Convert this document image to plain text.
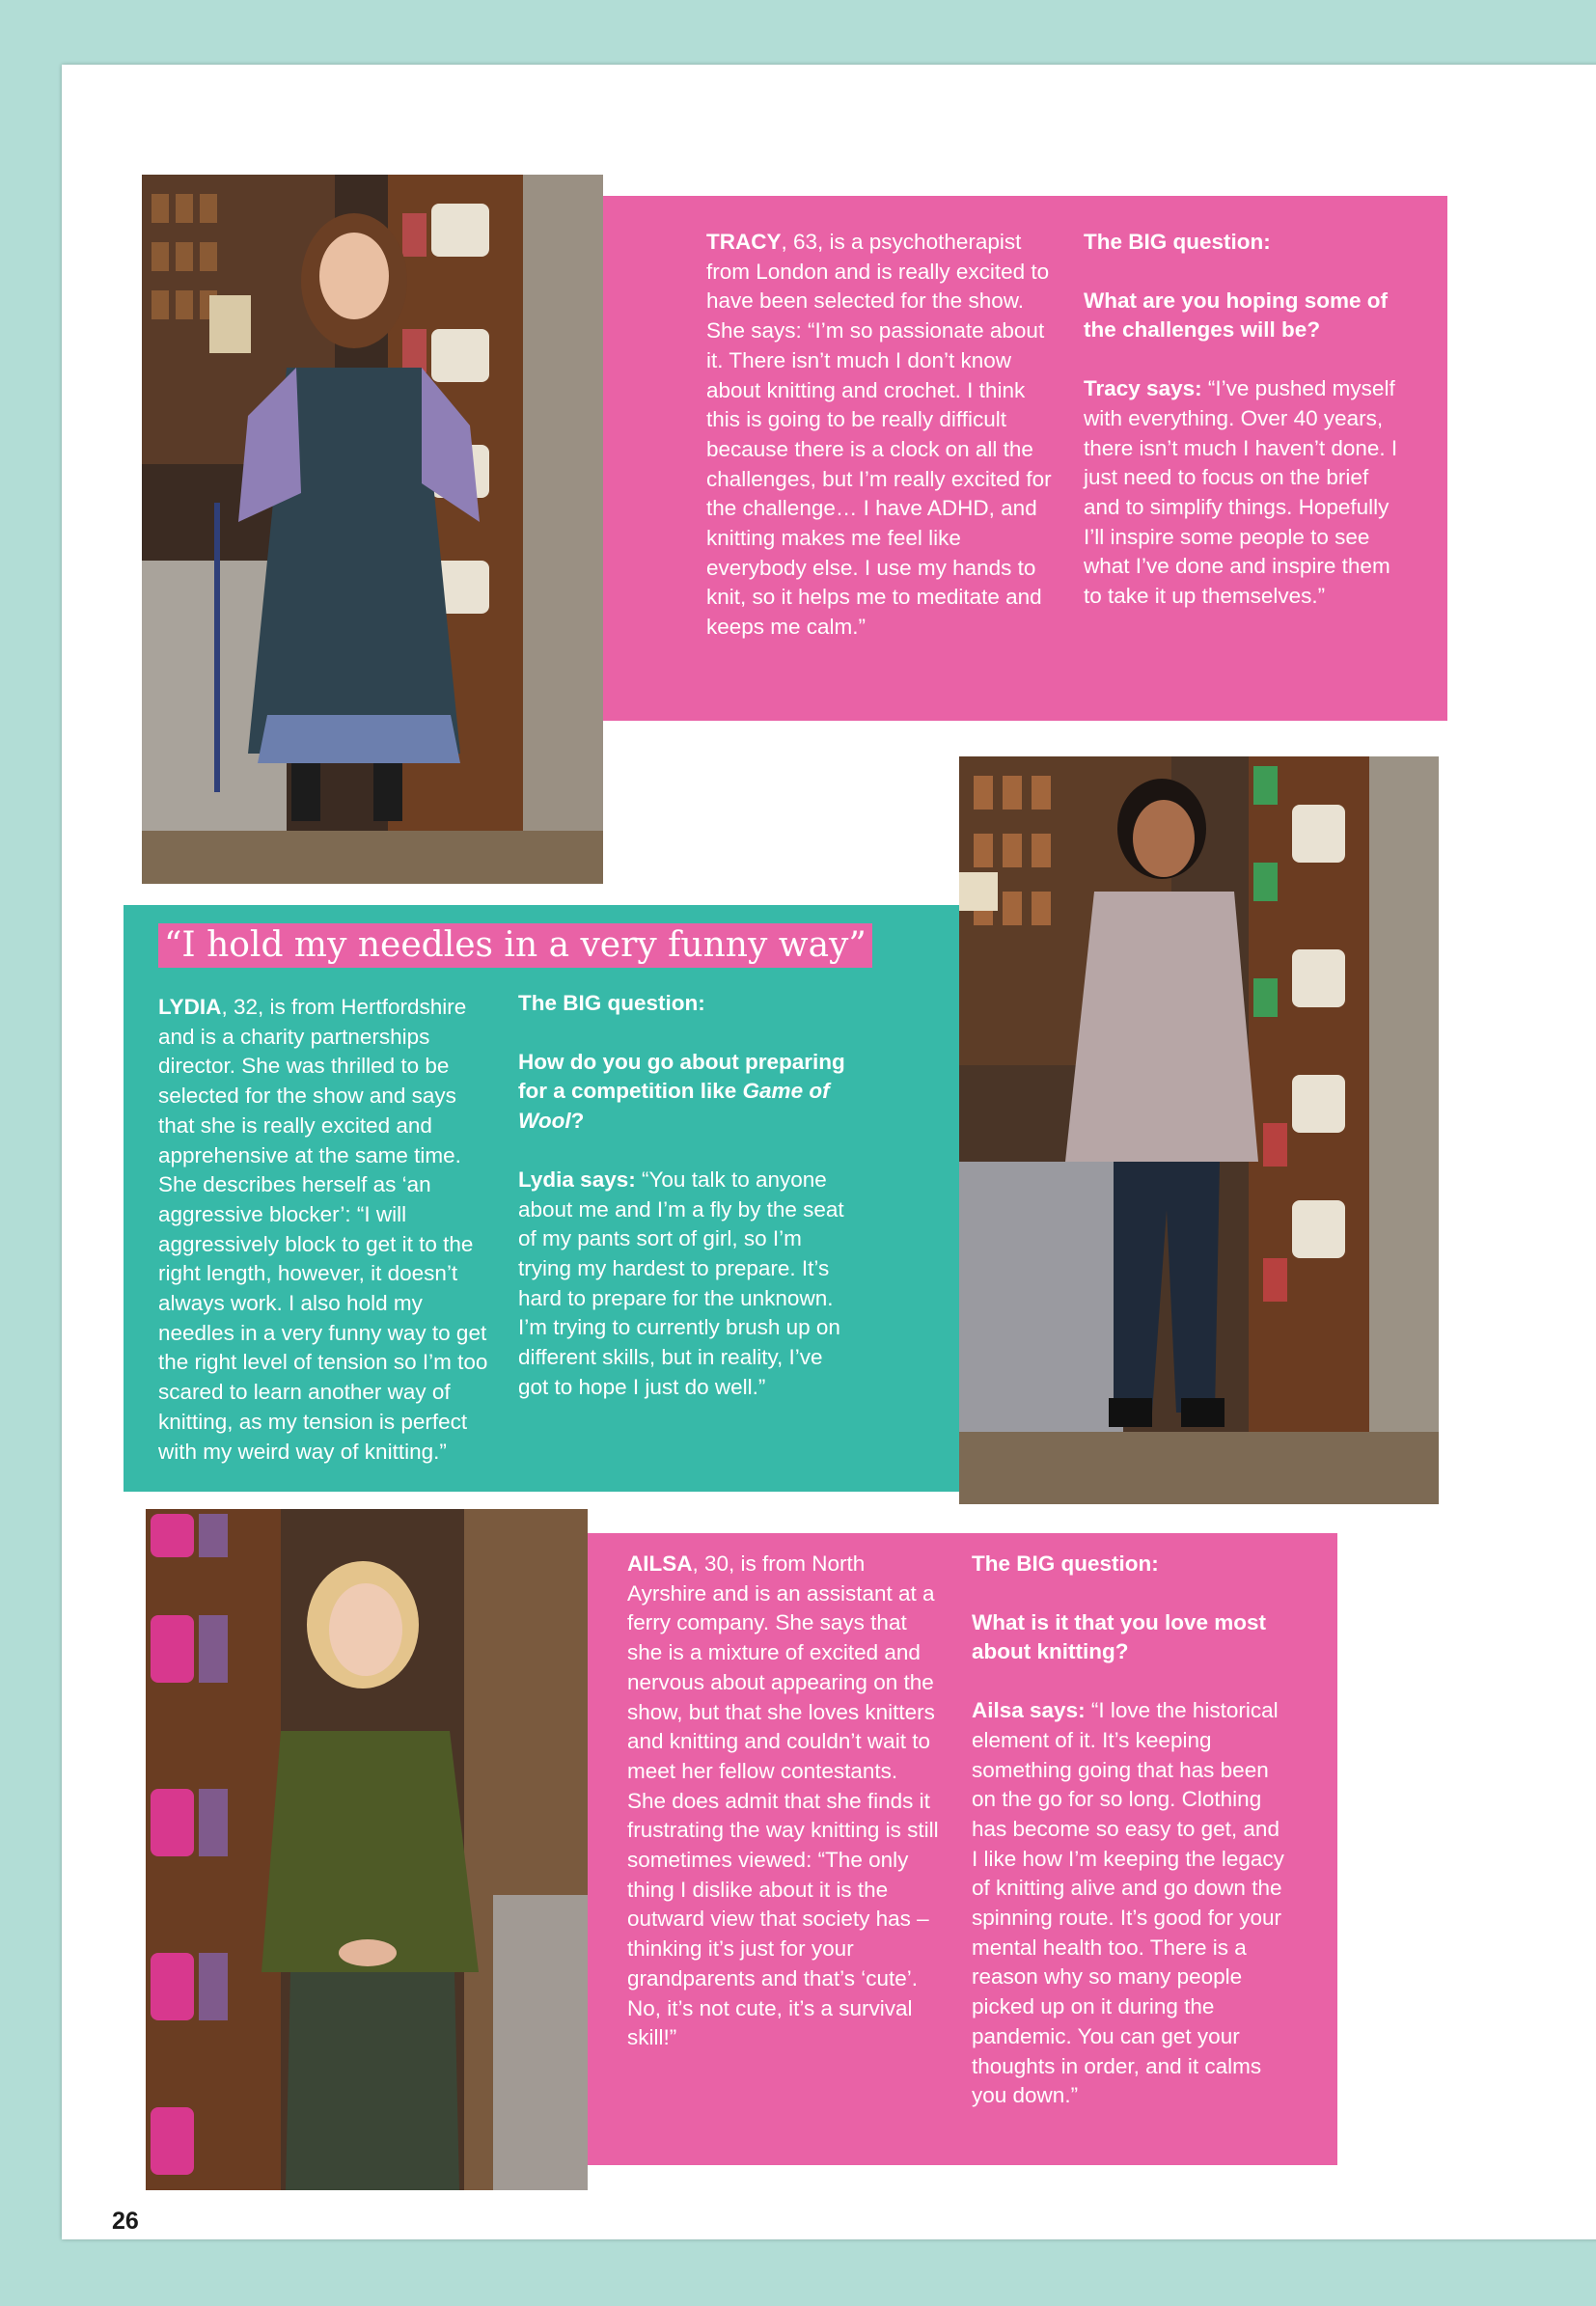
TRACY, 63, is a psychotherapist from London and is really excited to have been selected for the show. She says: “I’m so passionate about it. There isn’t much I don’t know about knitting and crochet. I think this is going to be really difficult because there is a clock on all the challenges, but I’m really excited for the challenge… I have ADHD, and knitting makes me feel like everybody else. I use my hands to knit, so it helps me to meditate and keeps me calm.”

The BIG question:

What are you hoping some of the challenges will be?

Tracy says: “I’ve pushed myself with everything. Over 40 years, there isn’t much I haven’t done. I just need to focus on the brief and to simplify things. Hopefully I’ll inspire some people to see what I’ve done and inspire them to take it up themselves.”

“I hold my needles in a very funny way”

LYDIA, 32, is from Hertfordshire and is a charity partnerships director. She was thrilled to be selected for the show and says that she is really excited and apprehensive at the same time. She describes herself as ‘an aggressive blocker’: “I will aggressively block to get it to the right length, however, it doesn’t always work. I also hold my needles in a very funny way to get the right level of tension so I’m too scared to learn another way of knitting, as my tension is perfect with my weird way of knitting.”

The BIG question:

How do you go about preparing for a competition like Game of Wool?

Lydia says: “You talk to anyone about me and I’m a fly by the seat of my pants sort of girl, so I’m trying my hardest to prepare. It’s hard to prepare for the unknown. I’m trying to currently brush up on different skills, but in reality, I’ve got to hope I just do well.”

AILSA, 30, is from North Ayrshire and is an assistant at a ferry company. She says that she is a mixture of excited and nervous about appearing on the show, but that she loves knitters and knitting and couldn’t wait to meet her fellow contestants. She does admit that she finds it frustrating the way knitting is still sometimes viewed: “The only thing I dislike about it is the outward view that society has – thinking it’s just for your grandparents and that’s ‘cute’. No, it’s not cute, it’s a survival skill!”

The BIG question:

What is it that you love most about knitting?

Ailsa says: “I love the historical element of it. It’s keeping something going that has been on the go for so long. Clothing has become so easy to get, and I like how I’m keeping the legacy of knitting alive and go down the spinning route. It’s good for your mental health too. There is a reason why so many people picked up on it during the pandemic. You can get your thoughts in order, and it calms you down.”

26
